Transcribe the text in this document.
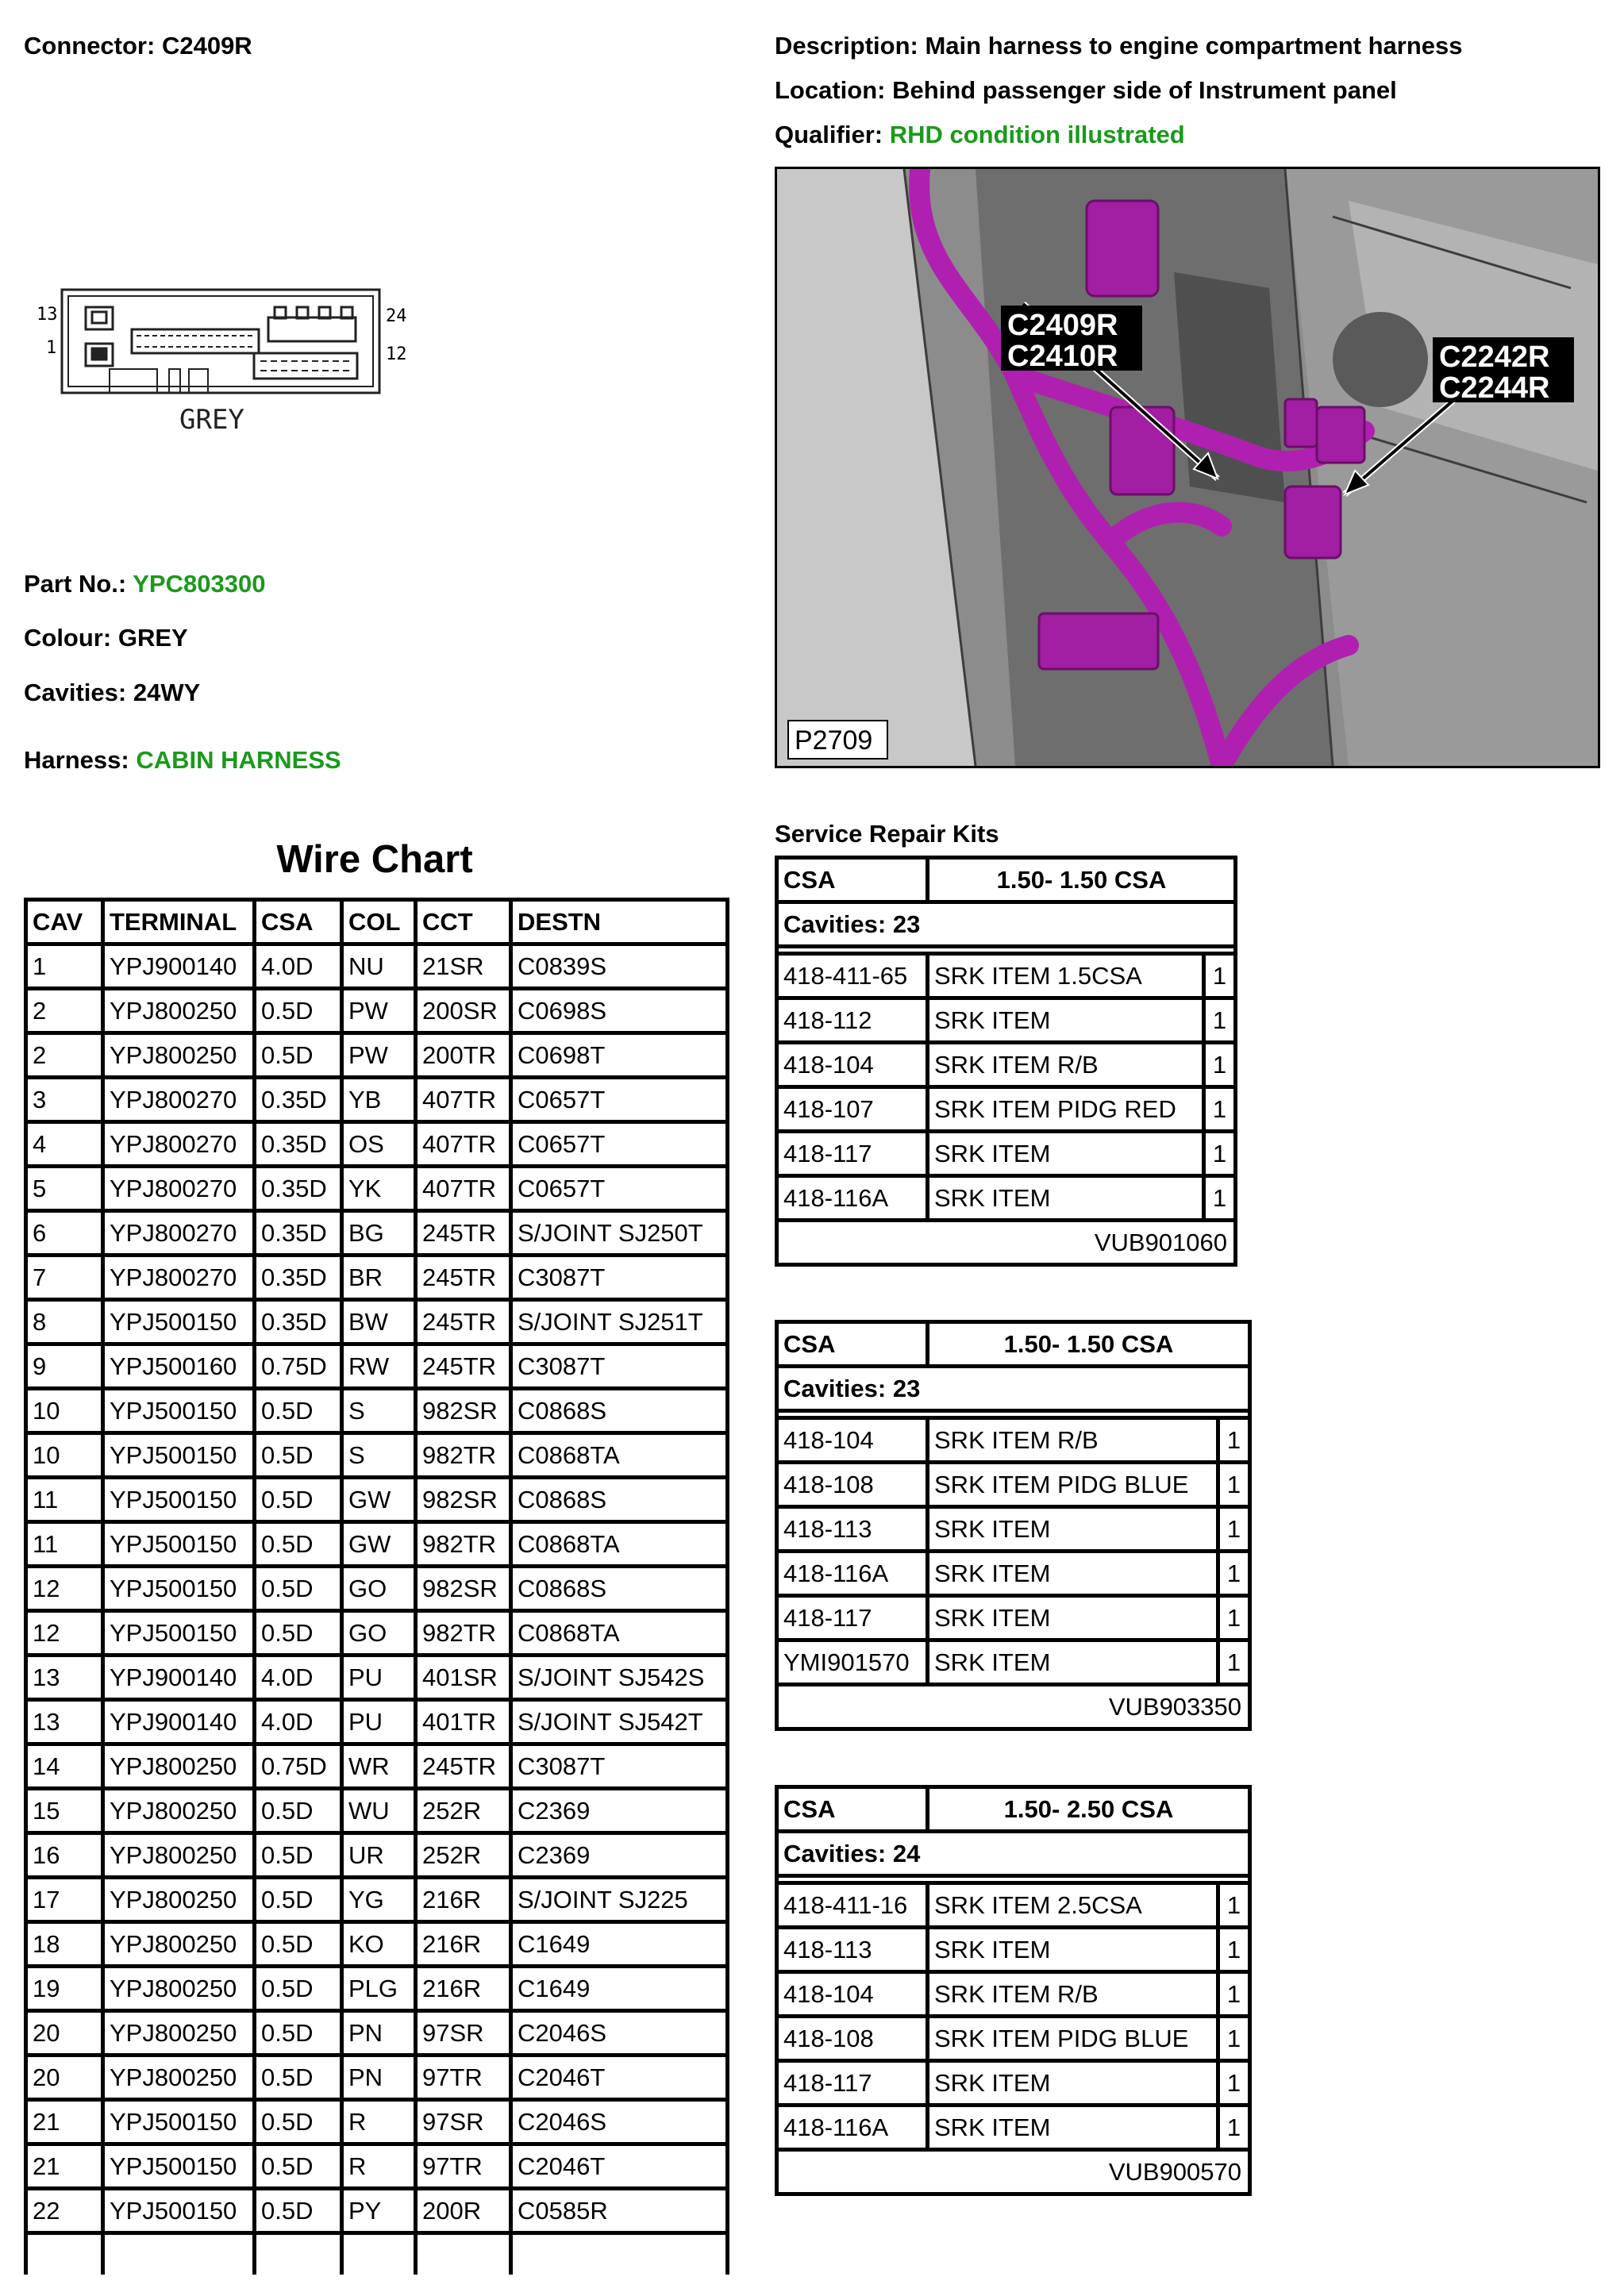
Connector: C2409R	Description: Main harness to engine compartment harness
Location: Behind passenger side of Instrument panel
Qualifier: RHD condition illustrated
13
1
24
12
GREY
Part No.: YPC803300
Colour: GREY
Cavities: 24WY
Harness: CABIN HARNESS
C2409R
C2410R	C2242R
C2244R
P2709
Wire Chart
CAV	TERMINAL	CSA	COL	CCT	DESTN
1	YPJ900140	4.0D	NU	21SR	C0839S
2	YPJ800250	0.5D	PW	200SR	C0698S
2	YPJ800250	0.5D	PW	200TR	C0698T
3	YPJ800270	0.35D	YB	407TR	C0657T
4	YPJ800270	0.35D	OS	407TR	C0657T
5	YPJ800270	0.35D	YK	407TR	C0657T
6	YPJ800270	0.35D	BG	245TR	S/JOINT SJ250T
7	YPJ800270	0.35D	BR	245TR	C3087T
8	YPJ500150	0.35D	BW	245TR	S/JOINT SJ251T
9	YPJ500160	0.75D	RW	245TR	C3087T
10	YPJ500150	0.5D	S	982SR	C0868S
10	YPJ500150	0.5D	S	982TR	C0868TA
11	YPJ500150	0.5D	GW	982SR	C0868S
11	YPJ500150	0.5D	GW	982TR	C0868TA
12	YPJ500150	0.5D	GO	982SR	C0868S
12	YPJ500150	0.5D	GO	982TR	C0868TA
13	YPJ900140	4.0D	PU	401SR	S/JOINT SJ542S
13	YPJ900140	4.0D	PU	401TR	S/JOINT SJ542T
14	YPJ800250	0.75D	WR	245TR	C3087T
15	YPJ800250	0.5D	WU	252R	C2369
16	YPJ800250	0.5D	UR	252R	C2369
17	YPJ800250	0.5D	YG	216R	S/JOINT SJ225
18	YPJ800250	0.5D	KO	216R	C1649
19	YPJ800250	0.5D	PLG	216R	C1649
20	YPJ800250	0.5D	PN	97SR	C2046S
20	YPJ800250	0.5D	PN	97TR	C2046T
21	YPJ500150	0.5D	R	97SR	C2046S
21	YPJ500150	0.5D	R	97TR	C2046T
22	YPJ500150	0.5D	PY	200R	C0585R

Service Repair Kits
CSA	1.50- 1.50 CSA	
Cavities: 23		

418-411-65	SRK ITEM 1.5CSA	1
418-112	SRK ITEM	1
418-104	SRK ITEM R/B	1
418-107	SRK ITEM PIDG RED	1
418-117	SRK ITEM	1
418-116A	SRK ITEM	1
VUB901060		
CSA	1.50- 1.50 CSA	
Cavities: 23		

418-104	SRK ITEM R/B	1
418-108	SRK ITEM PIDG BLUE	1
418-113	SRK ITEM	1
418-116A	SRK ITEM	1
418-117	SRK ITEM	1
YMI901570	SRK ITEM	1
VUB903350		
CSA	1.50- 2.50 CSA	
Cavities: 24		

418-411-16	SRK ITEM 2.5CSA	1
418-113	SRK ITEM	1
418-104	SRK ITEM R/B	1
418-108	SRK ITEM PIDG BLUE	1
418-117	SRK ITEM	1
418-116A	SRK ITEM	1
VUB900570		
